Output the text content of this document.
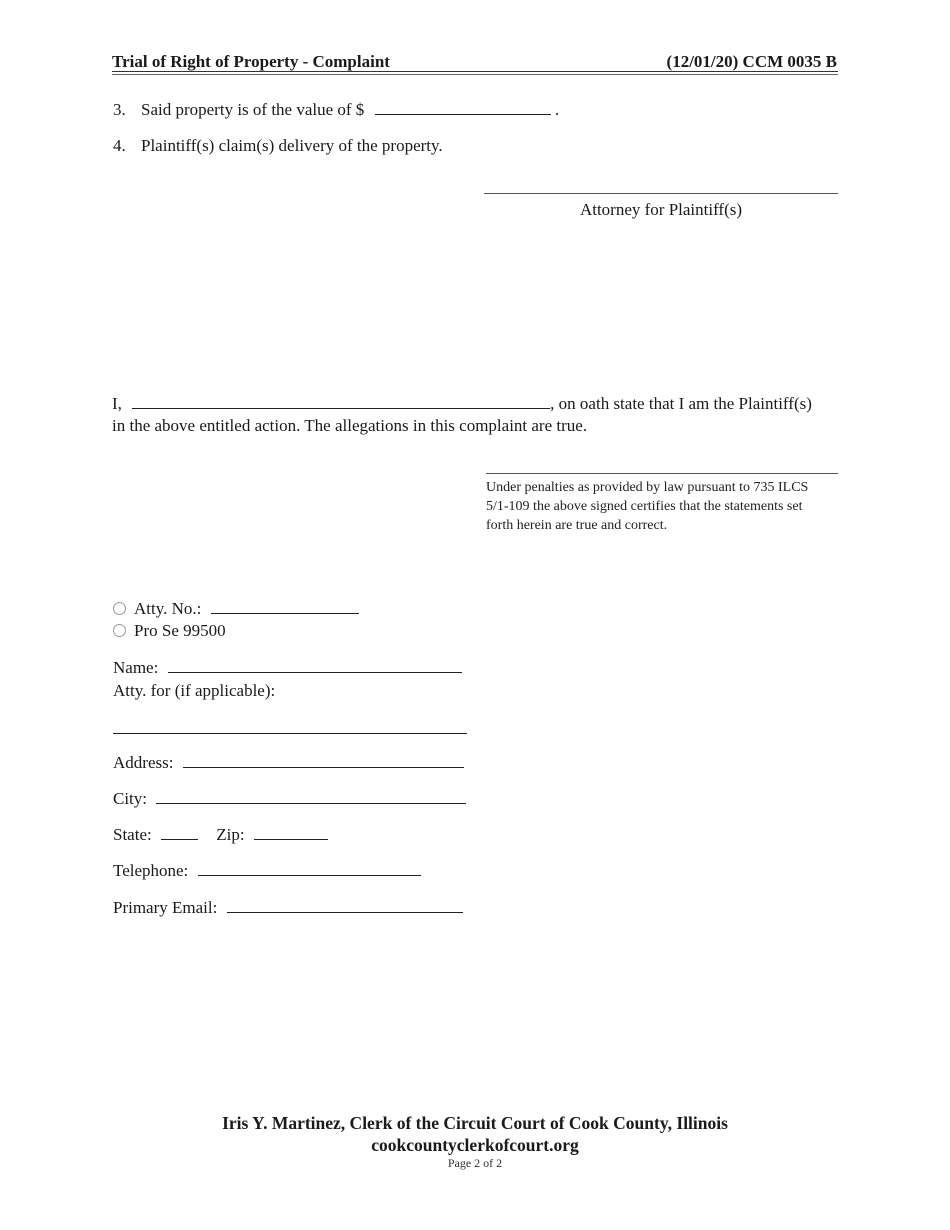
Trial of Right of Property - Complaint	(12/01/20) CCM 0035 B
3. Said property is of the value of $	.
4. Plaintiff(s) claim(s) delivery of the property.
Attorney for Plaintiff(s)
I,	, on oath state that I am the Plaintiff(s)
in the above entitled action. The allegations in this complaint are true.
Under penalties as provided by law pursuant to 735 ILCS
5/1-109 the above signed certifies that the statements set
forth herein are true and correct.
Atty. No.:
Pro Se 99500
Name:
Atty. for (if applicable):
Address:
City:
State:	Zip:
Telephone:
Primary Email:
Iris Y. Martinez, Clerk of the Circuit Court of Cook County, Illinois
cookcountyclerkofcourt.org
Page 2 of 2
